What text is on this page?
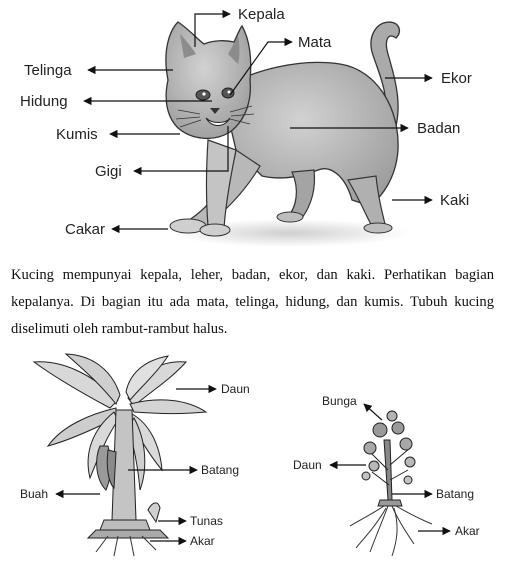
Kepala
Mata
Telinga	Ekor
Hidung
Badan
Kumis
Gigi
Kaki
Cakar
Daun
Batang
Buah
Tunas
Akar
Bunga
Daun
Batang
Akar

Kucing mempunyai kepala, leher, badan, ekor, dan kaki. Perhatikan bagian kepalanya. Di bagian itu ada mata, telinga, hidung, dan kumis. Tubuh kucing diselimuti oleh rambut-rambut halus.
